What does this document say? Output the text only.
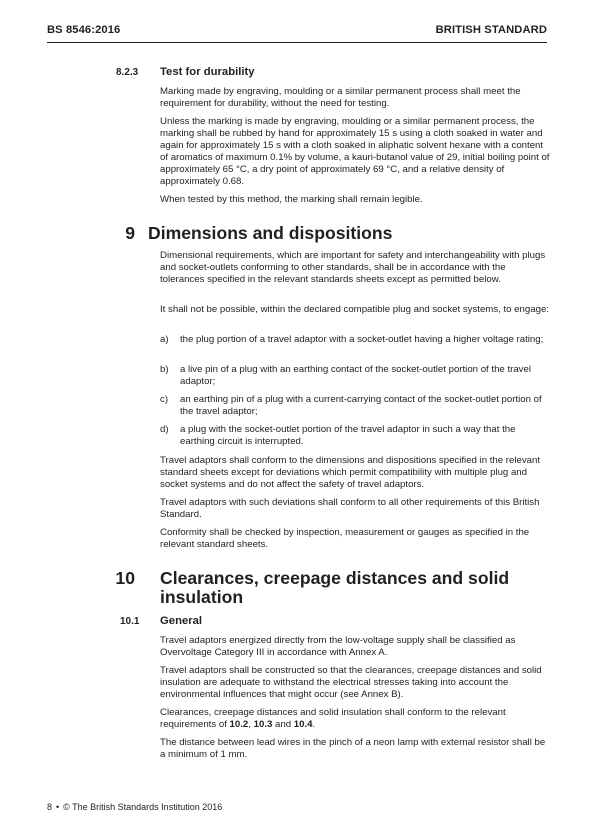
BS 8546:2016	BRITISH STANDARD
8.2.3 Test for durability

Marking made by engraving, moulding or a similar permanent process shall meet the requirement for durability, without the need for testing.

Unless the marking is made by engraving, moulding or a similar permanent process, the marking shall be rubbed by hand for approximately 15 s using a cloth soaked in water and again for approximately 15 s with a cloth soaked in aliphatic solvent hexane with a content of aromatics of maximum 0.1% by volume, a kauri-butanol value of 29, initial boiling point of approximately 65 °C, a dry point of approximately 69 °C, and a relative density of approximately 0.68.

When tested by this method, the marking shall remain legible.

9 Dimensions and dispositions

Dimensional requirements, which are important for safety and interchangeability with plugs and socket-outlets conforming to other standards, shall be in accordance with the tolerances specified in the relevant standards sheets except as permitted below.

It shall not be possible, within the declared compatible plug and socket systems, to engage:

a) the plug portion of a travel adaptor with a socket-outlet having a higher voltage rating;
b) a live pin of a plug with an earthing contact of the socket-outlet portion of the travel adaptor;
c) an earthing pin of a plug with a current-carrying contact of the socket-outlet portion of the travel adaptor;
d) a plug with the socket-outlet portion of the travel adaptor in such a way that the earthing circuit is interrupted.

Travel adaptors shall conform to the dimensions and dispositions specified in the relevant standard sheets except for deviations which permit compatibility with multiple plug and socket systems and do not affect the safety of travel adaptors.

Travel adaptors with such deviations shall conform to all other requirements of this British Standard.

Conformity shall be checked by inspection, measurement or gauges as specified in the relevant standard sheets.

10 Clearances, creepage distances and solid insulation
10.1 General

Travel adaptors energized directly from the low-voltage supply shall be classified as Overvoltage Category III in accordance with Annex A.

Travel adaptors shall be constructed so that the clearances, creepage distances and solid insulation are adequate to withstand the electrical stresses taking into account the environmental influences that might occur (see Annex B).

Clearances, creepage distances and solid insulation shall conform to the relevant requirements of 10.2, 10.3 and 10.4.

The distance between lead wires in the pinch of a neon lamp with external resistor shall be a minimum of 1 mm.

8 • © The British Standards Institution 2016
